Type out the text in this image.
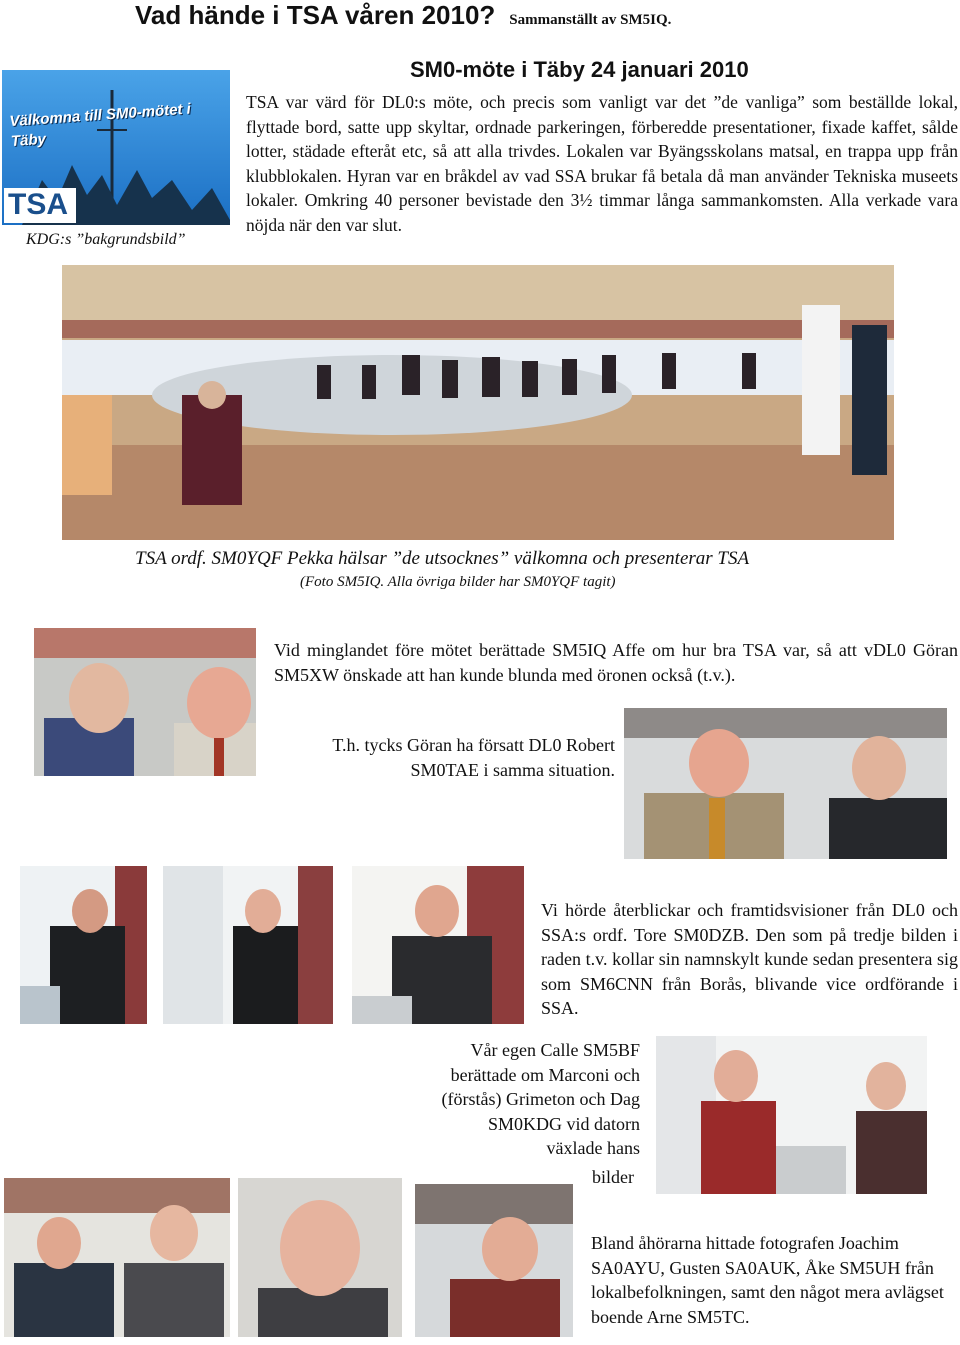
Vad hände i TSA våren 2010? Sammanställt av SM5IQ.
Välkomna till SM0-mötet i Täby
TSA
KDG:s ”bakgrundsbild”
SM0-möte i Täby 24 januari 2010
TSA var värd för DL0:s möte, och precis som vanligt var det ”de vanliga” som beställde lokal, flyttade bord, satte upp skyltar, ordnade parkeringen, förberedde presentationer, fixade kaffet, sålde lotter, städade efteråt etc, så att alla trivdes. Lokalen var Byängsskolans matsal, en trappa upp från klubblokalen. Hyran var en bråkdel av vad SSA brukar få betala då man använder Tekniska museets lokaler. Omkring 40 personer bevistade den 3½ timmar långa sammankomsten. Alla verkade vara nöjda när den var slut.
TSA ordf. SM0YQF Pekka hälsar ”de utsocknes” välkomna och presenterar TSA
(Foto SM5IQ. Alla övriga bilder har SM0YQF tagit)
Vid minglandet före mötet berättade SM5IQ Affe om hur bra TSA var, så att vDL0 Göran SM5XW önskade att han kunde blunda med öronen också (t.v.).
T.h. tycks Göran ha försatt DL0 Robert SM0TAE i samma situation.
Vi hörde återblickar och framtidsvisioner från DL0 och SSA:s ordf. Tore SM0DZB. Den som på tredje bilden i raden t.v. kollar sin namnskylt kunde sedan presentera sig som SM6CNN från Borås, blivande vice ordförande i SSA.
Vår egen Calle SM5BF berättade om Marconi och (förstås) Grimeton och Dag SM0KDG vid datorn växlade hans
bilder
Bland åhörarna hittade fotografen Joachim SA0AYU, Gusten SA0AUK, Åke SM5UH från lokalbefolkningen, samt den något mera avlägset boende Arne SM5TC.
